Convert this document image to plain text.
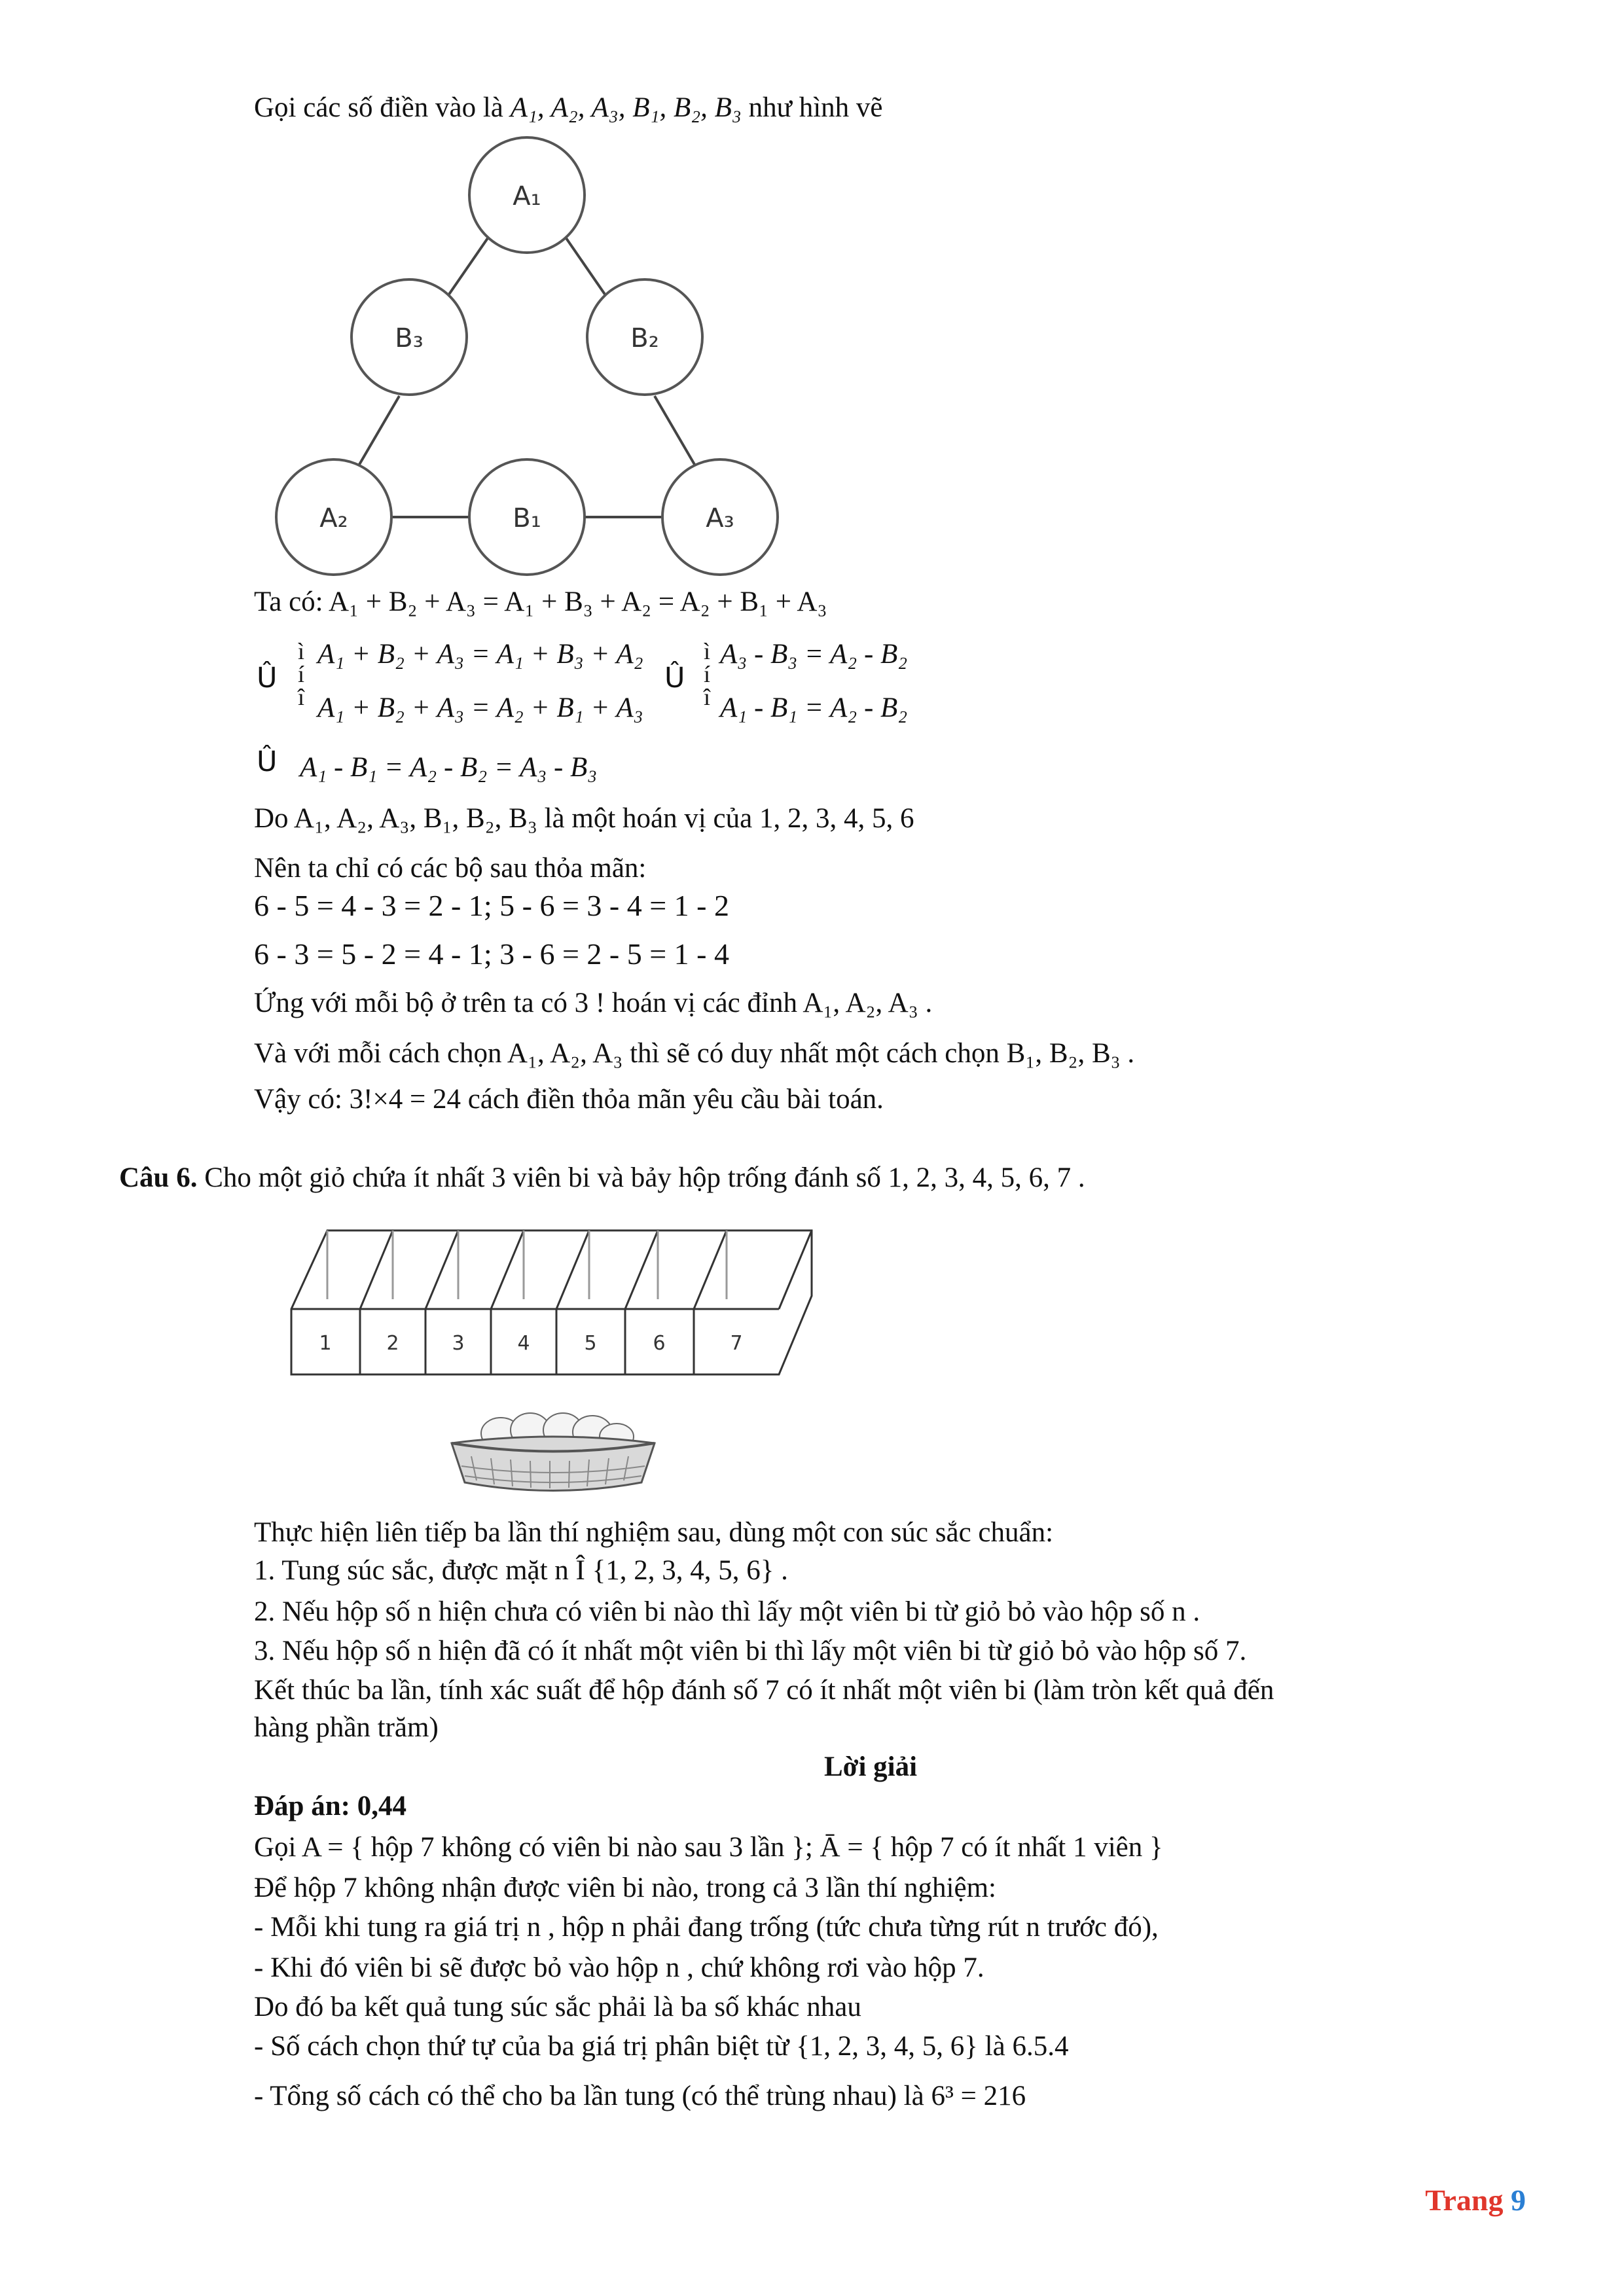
Gọi các số điền vào là A₁, A₂, A₃, B₁, B₂, B₃ như hình vẽ
A₁
B₃	B₂
A₂	B₁	A₃
Ta có: A₁ + B₂ + A₃ = A₁ + B₃ + A₂ = A₂ + B₁ + A₃
Û
ì
í
î
A₁ + B₂ + A₃ = A₁ + B₃ + A₂
A₁ + B₂ + A₃ = A₂ + B₁ + A₃
Û
ì
í
î
A₃ - B₃ = A₂ - B₂
A₁ - B₁ = A₂ - B₂
Û A₁ - B₁ = A₂ - B₂ = A₃ - B₃
Do A₁, A₂, A₃, B₁, B₂, B₃ là một hoán vị của 1, 2, 3, 4, 5, 6
Nên ta chỉ có các bộ sau thỏa mãn:
6 - 5 = 4 - 3 = 2 - 1; 5 - 6 = 3 - 4 = 1 - 2
6 - 3 = 5 - 2 = 4 - 1; 3 - 6 = 2 - 5 = 1 - 4
Ứng với mỗi bộ ở trên ta có 3 ! hoán vị các đỉnh A₁, A₂, A₃ .
Và với mỗi cách chọn A₁, A₂, A₃ thì sẽ có duy nhất một cách chọn B₁, B₂, B₃ .
Vậy có: 3!×4 = 24 cách điền thỏa mãn yêu cầu bài toán.
Câu 6. Cho một giỏ chứa ít nhất 3 viên bi và bảy hộp trống đánh số 1, 2, 3, 4, 5, 6, 7 .
1	2	3	4	5	6	7
Thực hiện liên tiếp ba lần thí nghiệm sau, dùng một con súc sắc chuẩn:
1. Tung súc sắc, được mặt n Î {1, 2, 3, 4, 5, 6} .
2. Nếu hộp số n hiện chưa có viên bi nào thì lấy một viên bi từ giỏ bỏ vào hộp số n .
3. Nếu hộp số n hiện đã có ít nhất một viên bi thì lấy một viên bi từ giỏ bỏ vào hộp số 7.
Kết thúc ba lần, tính xác suất để hộp đánh số 7 có ít nhất một viên bi (làm tròn kết quả đến
hàng phần trăm)
Lời giải
Đáp án: 0,44
Gọi A = { hộp 7 không có viên bi nào sau 3 lần }; Ā = { hộp 7 có ít nhất 1 viên }
Để hộp 7 không nhận được viên bi nào, trong cả 3 lần thí nghiệm:
- Mỗi khi tung ra giá trị n , hộp n phải đang trống (tức chưa từng rút n trước đó),
- Khi đó viên bi sẽ được bỏ vào hộp n , chứ không rơi vào hộp 7.
Do đó ba kết quả tung súc sắc phải là ba số khác nhau
- Số cách chọn thứ tự của ba giá trị phân biệt từ {1, 2, 3, 4, 5, 6} là 6.5.4
- Tổng số cách có thể cho ba lần tung (có thể trùng nhau) là 6³ = 216
Trang 9
